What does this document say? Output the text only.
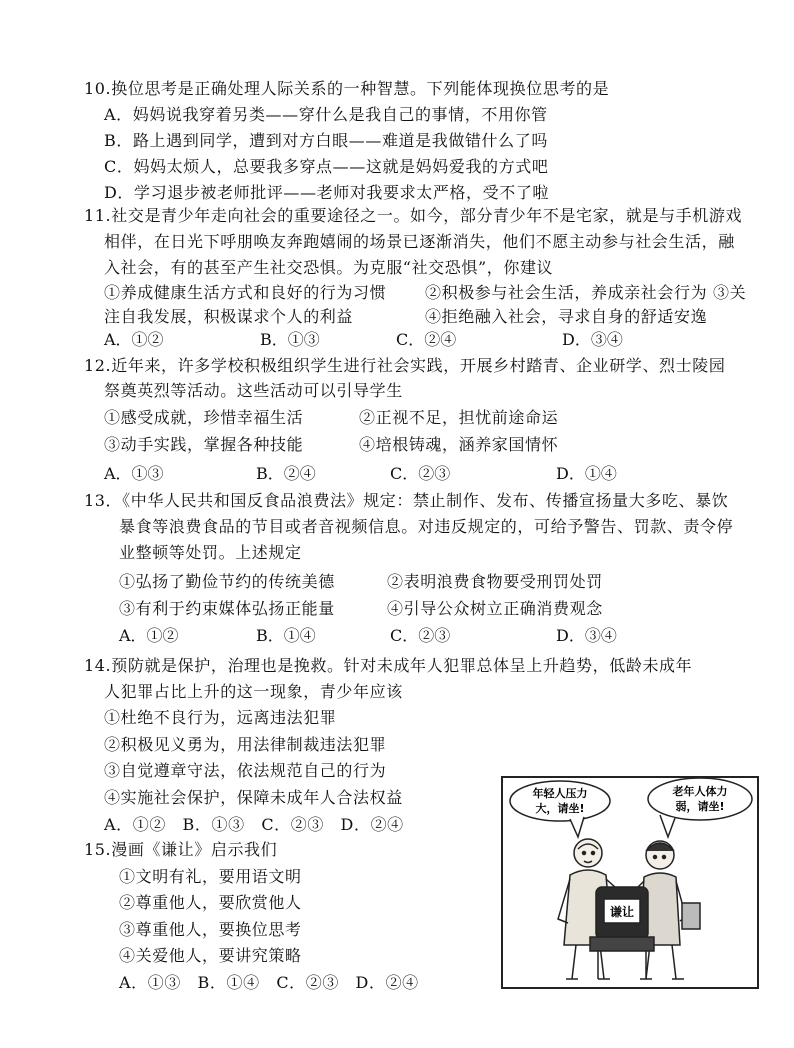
10.换位思考是正确处理人际关系的一种智慧。下列能体现换位思考的是
A．妈妈说我穿着另类——穿什么是我自己的事情，不用你管
B．路上遇到同学，遭到对方白眼——难道是我做错什么了吗
C．妈妈太烦人，总要我多穿点——这就是妈妈爱我的方式吧
D．学习退步被老师批评——老师对我要求太严格，受不了啦
11.社交是青少年走向社会的重要途径之一。如今，部分青少年不是宅家，就是与手机游戏
相伴，在日光下呼朋唤友奔跑嬉闹的场景已逐渐消失，他们不愿主动参与社会生活，融
入社会，有的甚至产生社交恐惧。为克服“社交恐惧”，你建议
①养成健康生活方式和良好的行为习惯 ②积极参与社会生活，养成亲社会行为 ③关
注自我发展，积极谋求个人的利益	④拒绝融入社会，寻求自身的舒适安逸
A．①②	B．①③	C．②④	D．③④
12.近年来，许多学校积极组织学生进行社会实践，开展乡村踏青、企业研学、烈士陵园
祭奠英烈等活动。这些活动可以引导学生
①感受成就，珍惜幸福生活	②正视不足，担忧前途命运
③动手实践，掌握各种技能	④培根铸魂，涵养家国情怀
A．①③	B．②④	C．②③	D．①④
13．《中华人民共和国反食品浪费法》规定：禁止制作、发布、传播宣扬量大多吃、暴饮
暴食等浪费食品的节目或者音视频信息。对违反规定的，可给予警告、罚款、责令停
业整顿等处罚。上述规定
①弘扬了勤俭节约的传统美德	②表明浪费食物要受刑罚处罚
③有利于约束媒体弘扬正能量	④引导公众树立正确消费观念
A．①②	B．①④	C．②③	D．③④
14.预防就是保护，治理也是挽救。针对未成年人犯罪总体呈上升趋势，低龄未成年
人犯罪占比上升的这一现象，青少年应该
①杜绝不良行为，远离违法犯罪
②积极见义勇为，用法律制裁违法犯罪
③自觉遵章守法，依法规范自己的行为
④实施社会保护，保障未成年人合法权益
A．①②　B．①③　C．②③　D．②④
15.漫画《谦让》启示我们
①文明有礼，要用语文明
②尊重他人，要欣赏他人
③尊重他人，要换位思考
④关爱他人，要讲究策略
A．①③　B．①④　C．②③　D．②④
年轻人压力
大，请坐!
老年人体力
弱，请坐!
谦让
